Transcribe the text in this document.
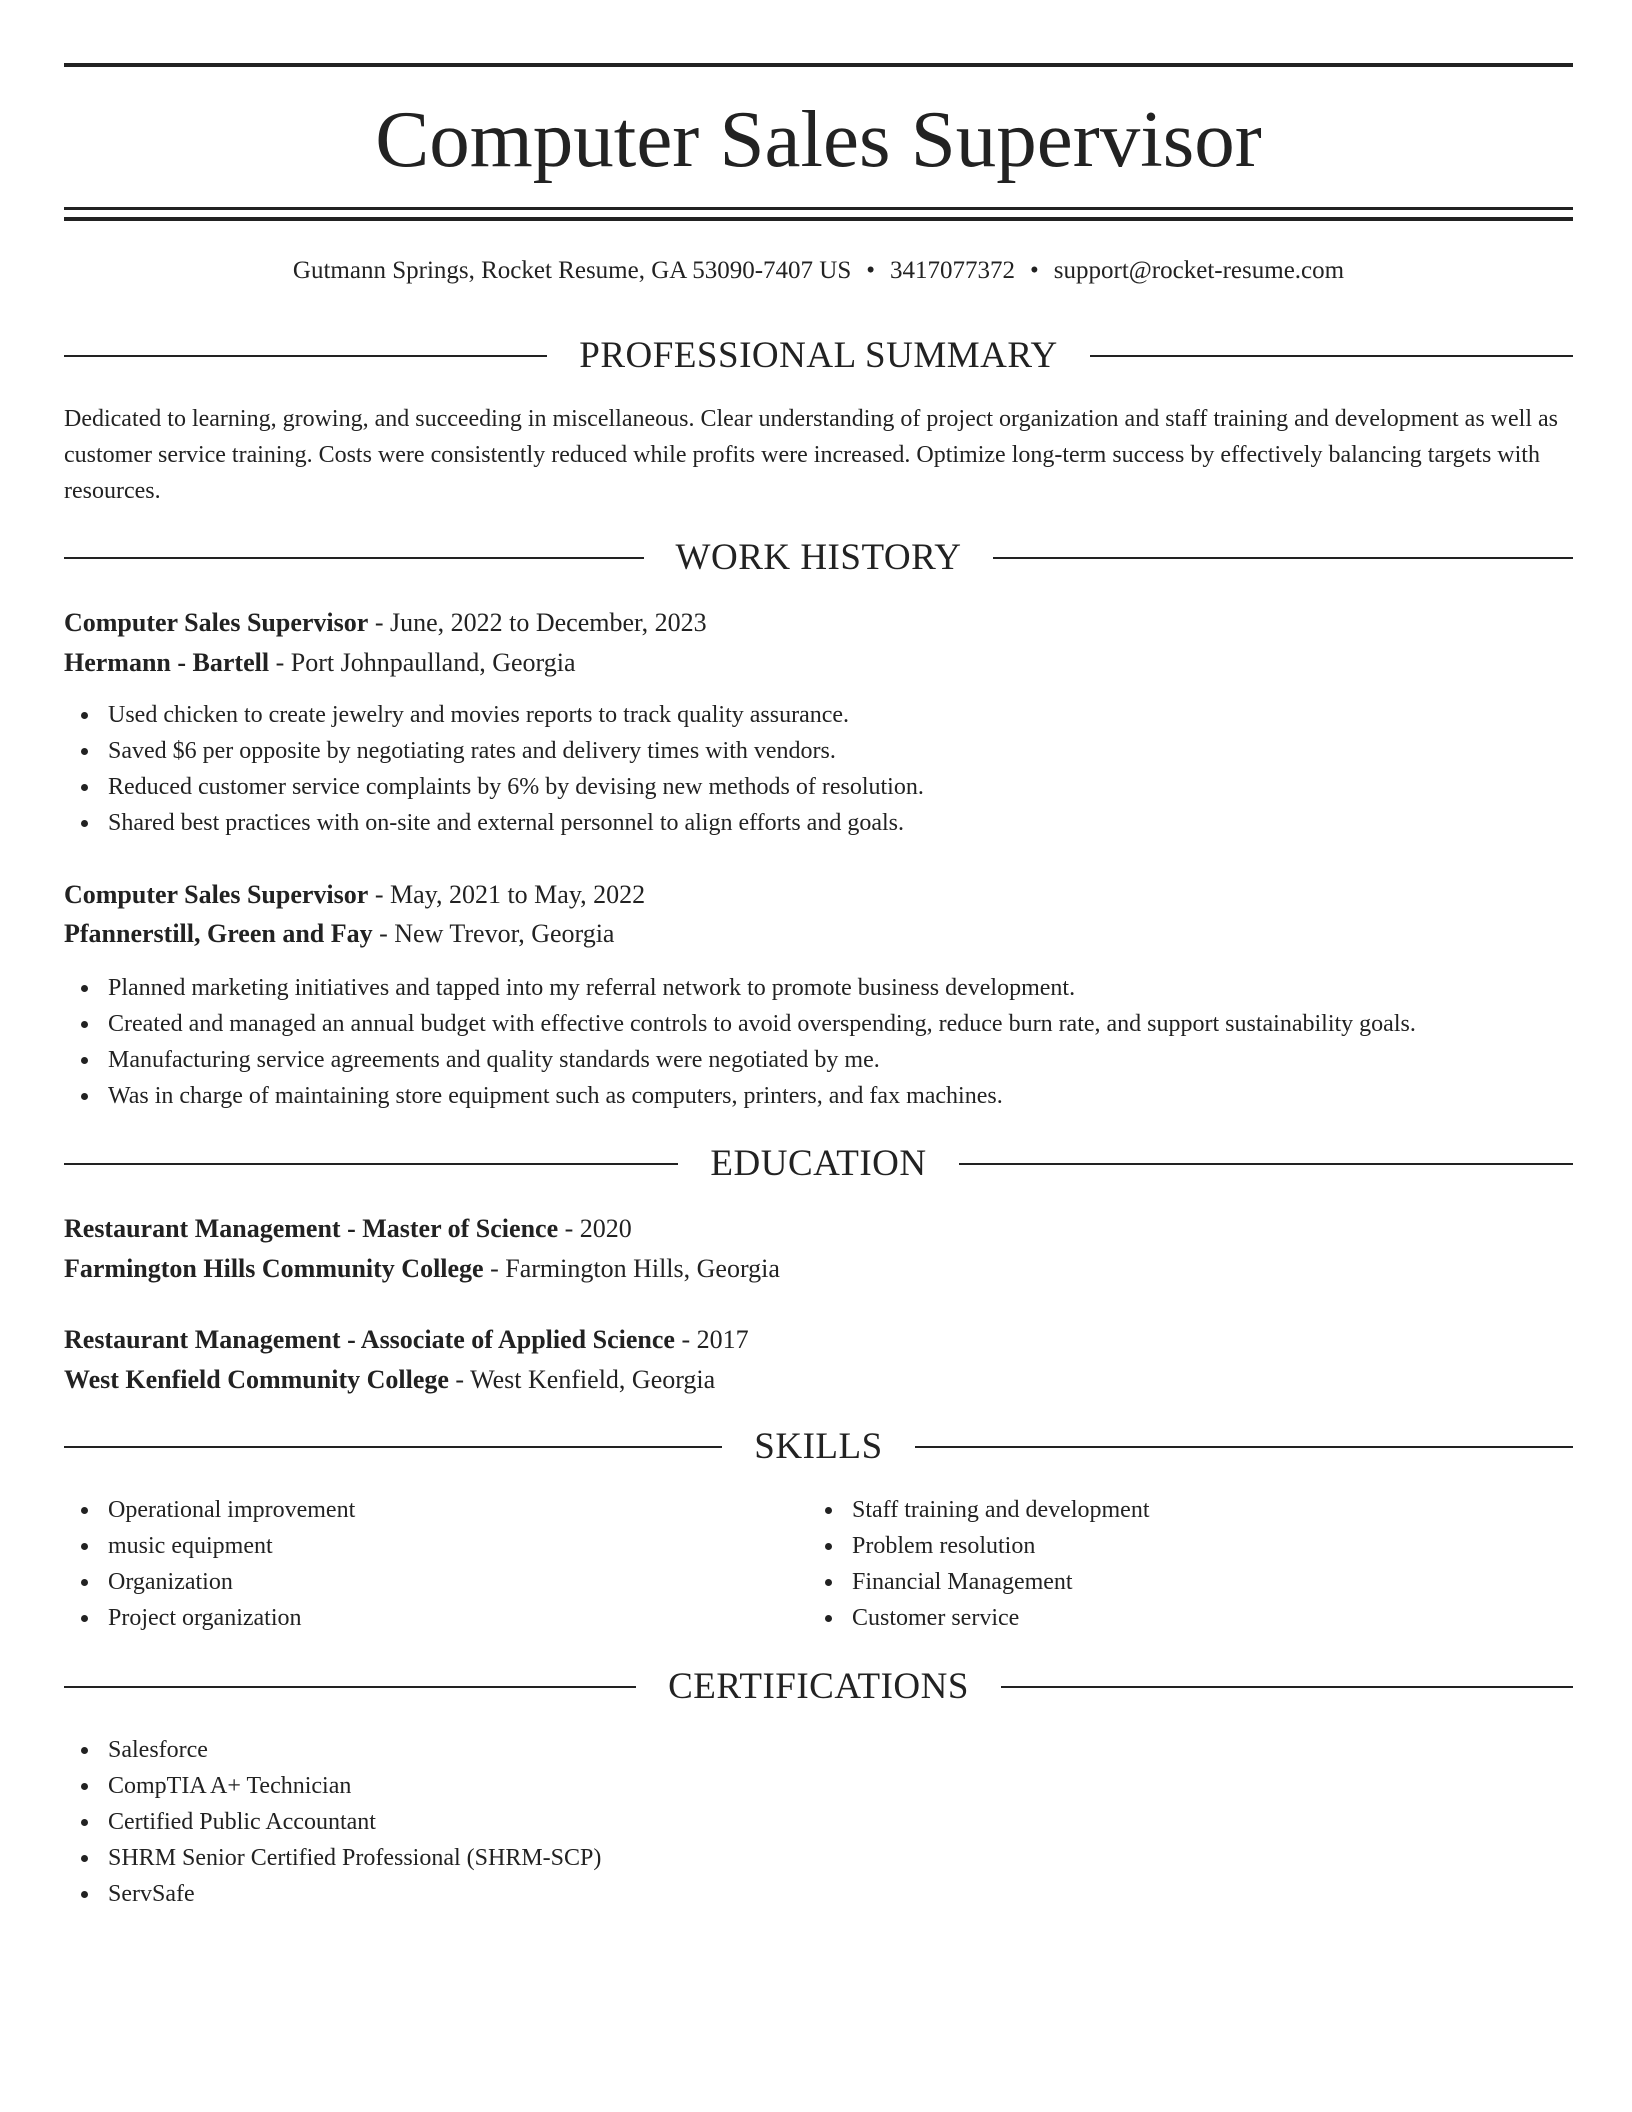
Computer Sales Supervisor
Gutmann Springs, Rocket Resume, GA 53090-7407 US • 3417077372 • support@rocket-resume.com
PROFESSIONAL SUMMARY

Dedicated to learning, growing, and succeeding in miscellaneous. Clear understanding of project organization and staff training and development as well as customer service training. Costs were consistently reduced while profits were increased. Optimize long-term success by effectively balancing targets with resources.

WORK HISTORY
Computer Sales Supervisor - June, 2022 to December, 2023
Hermann - Bartell - Port Johnpaulland, Georgia
Used chicken to create jewelry and movies reports to track quality assurance.
Saved $6 per opposite by negotiating rates and delivery times with vendors.
Reduced customer service complaints by 6% by devising new methods of resolution.
Shared best practices with on-site and external personnel to align efforts and goals.
Computer Sales Supervisor - May, 2021 to May, 2022
Pfannerstill, Green and Fay - New Trevor, Georgia
Planned marketing initiatives and tapped into my referral network to promote business development.
Created and managed an annual budget with effective controls to avoid overspending, reduce burn rate, and support sustainability goals.
Manufacturing service agreements and quality standards were negotiated by me.
Was in charge of maintaining store equipment such as computers, printers, and fax machines.
EDUCATION
Restaurant Management - Master of Science - 2020
Farmington Hills Community College - Farmington Hills, Georgia
Restaurant Management - Associate of Applied Science - 2017
West Kenfield Community College - West Kenfield, Georgia
SKILLS
Operational improvement
music equipment
Organization
Project organization
Staff training and development
Problem resolution
Financial Management
Customer service
CERTIFICATIONS
Salesforce
CompTIA A+ Technician
Certified Public Accountant
SHRM Senior Certified Professional (SHRM-SCP)
ServSafe
